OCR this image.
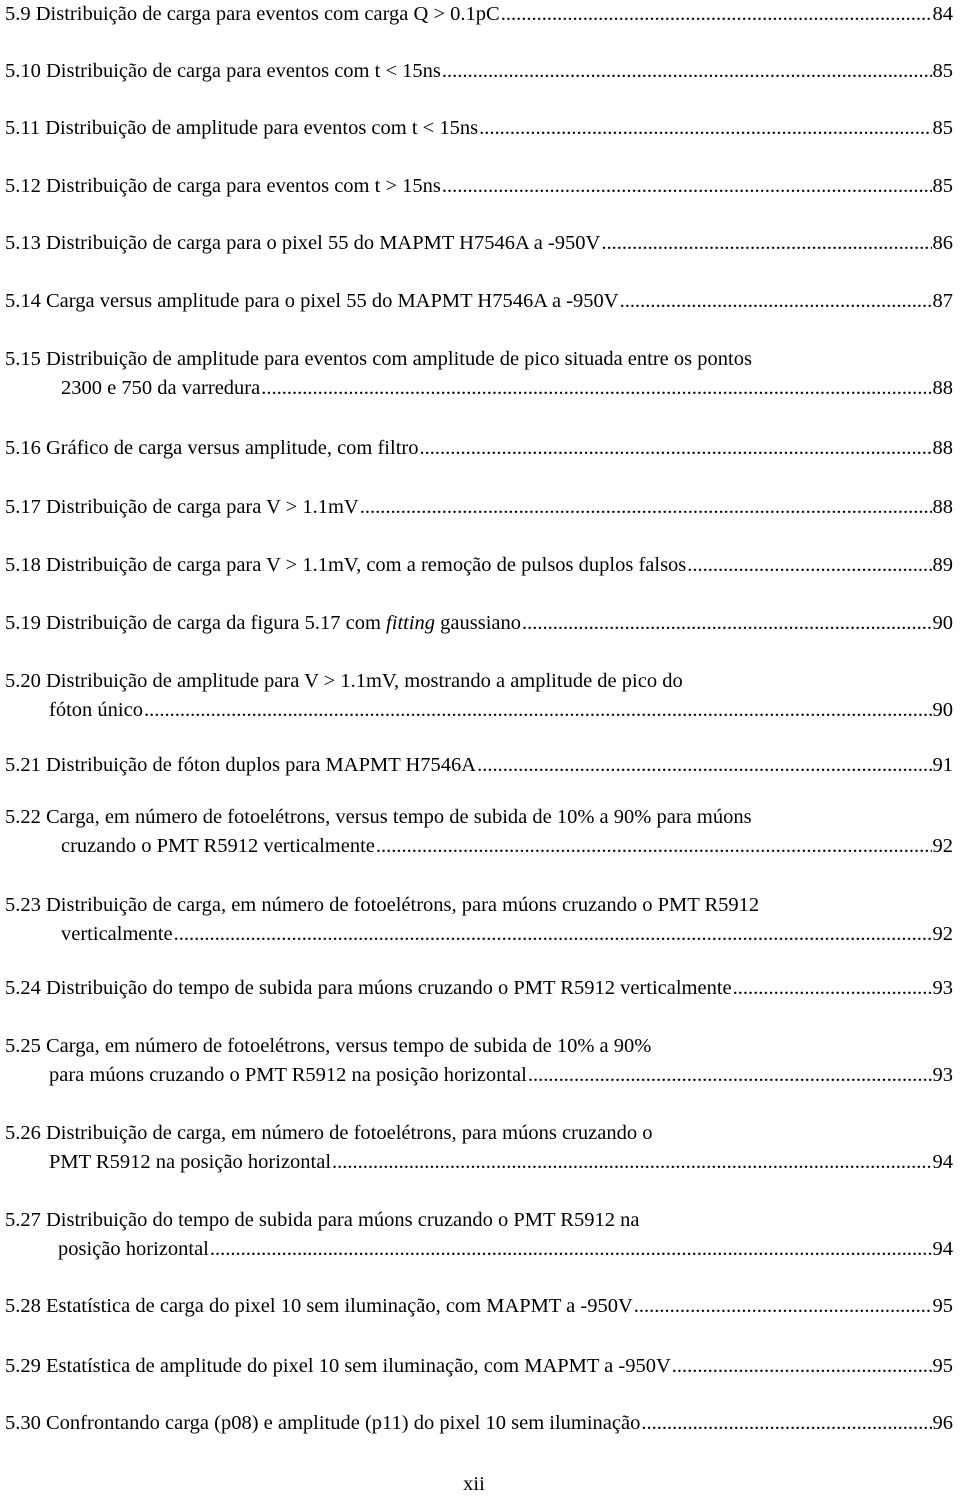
5.9 Distribuição de carga para eventos com carga Q > 0.1pC .....	84
5.10 Distribuição de carga para eventos com t < 15ns .....	85
5.11 Distribuição de amplitude para eventos com t < 15ns .....	85
5.12 Distribuição de carga para eventos com t > 15ns .....	85
5.13 Distribuição de carga para o pixel 55 do MAPMT H7546A a -950V .....	86
5.14 Carga versus amplitude para o pixel 55 do MAPMT H7546A a -950V .....	87
5.15 Distribuição de amplitude para eventos com amplitude de pico situada entre os pontos
2300 e 750 da varredura .....	88
5.16 Gráfico de carga versus amplitude, com filtro .....	88
5.17 Distribuição de carga para V > 1.1mV .....	88
5.18 Distribuição de carga para V > 1.1mV, com a remoção de pulsos duplos falsos .....	89
5.19 Distribuição de carga da figura 5.17 com fitting gaussiano .....	90
5.20 Distribuição de amplitude para V > 1.1mV, mostrando a amplitude de pico do
fóton único .....	90
5.21 Distribuição de fóton duplos para MAPMT H7546A .....	91
5.22 Carga, em número de fotoelétrons, versus tempo de subida de 10% a 90% para múons
cruzando o PMT R5912 verticalmente .....	92
5.23 Distribuição de carga, em número de fotoelétrons, para múons cruzando o PMT R5912
verticalmente .....	92
5.24 Distribuição do tempo de subida para múons cruzando o PMT R5912 verticalmente .....	93
5.25 Carga, em número de fotoelétrons, versus tempo de subida de 10% a 90%
para múons cruzando o PMT R5912 na posição horizontal .....	93
5.26 Distribuição de carga, em número de fotoelétrons, para múons cruzando o
PMT R5912 na posição horizontal .....	94
5.27 Distribuição do tempo de subida para múons cruzando o PMT R5912 na
posição horizontal .....	94
5.28 Estatística de carga do pixel 10 sem iluminação, com MAPMT a -950V .....	95
5.29 Estatística de amplitude do pixel 10 sem iluminação, com MAPMT a -950V .....	95
5.30 Confrontando carga (p08) e amplitude (p11) do pixel 10 sem iluminação .....	96
xii
